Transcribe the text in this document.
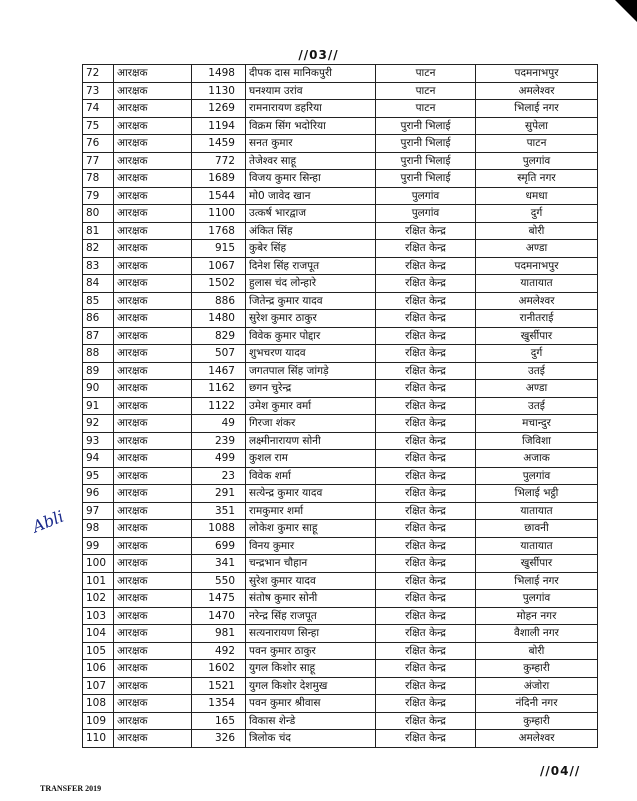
//03//
72	आरक्षक	1498	दीपक दास मानिकपुरी	पाटन	पदमनाभपुर
73	आरक्षक	1130	घनश्याम उरांव	पाटन	अमलेश्वर
74	आरक्षक	1269	रामनारायण डहरिया	पाटन	भिलाई नगर
75	आरक्षक	1194	विक्रम सिंग भदोरिया	पुरानी भिलाई	सुपेला
76	आरक्षक	1459	सनत कुमार	पुरानी भिलाई	पाटन
77	आरक्षक	772	तेजेश्वर साहू	पुरानी भिलाई	पुलगांव
78	आरक्षक	1689	विजय कुमार सिन्हा	पुरानी भिलाई	स्मृति नगर
79	आरक्षक	1544	मो0 जावेद खान	पुलगांव	धमधा
80	आरक्षक	1100	उत्कर्ष भारद्वाज	पुलगांव	दुर्ग
81	आरक्षक	1768	अंकित सिंह	रक्षित केन्द्र	बोरी
82	आरक्षक	915	कुबेर सिंह	रक्षित केन्द्र	अण्डा
83	आरक्षक	1067	दिनेश सिंह राजपूत	रक्षित केन्द्र	पदमनाभपुर
84	आरक्षक	1502	हुलास चंद लोन्हारे	रक्षित केन्द्र	यातायात
85	आरक्षक	886	जितेन्द्र कुमार यादव	रक्षित केन्द्र	अमलेश्वर
86	आरक्षक	1480	सुरेश कुमार ठाकुर	रक्षित केन्द्र	रानीतराई
87	आरक्षक	829	विवेक कुमार पोद्दार	रक्षित केन्द्र	खुर्सीपार
88	आरक्षक	507	शुभचरण यादव	रक्षित केन्द्र	दुर्ग
89	आरक्षक	1467	जगतपाल सिंह जांगड़े	रक्षित केन्द्र	उतई
90	आरक्षक	1162	छगन चुरेन्द्र	रक्षित केन्द्र	अण्डा
91	आरक्षक	1122	उमेश कुमार वर्मा	रक्षित केन्द्र	उतई
92	आरक्षक	49	गिरजा शंकर	रक्षित केन्द्र	मचान्दुर
93	आरक्षक	239	लक्ष्मीनारायण सोनी	रक्षित केन्द्र	जिविशा
94	आरक्षक	499	कुशल राम	रक्षित केन्द्र	अजाक
95	आरक्षक	23	विवेक शर्मा	रक्षित केन्द्र	पुलगांव
96	आरक्षक	291	सत्येन्द्र कुमार यादव	रक्षित केन्द्र	भिलाई भट्ठी
97	आरक्षक	351	रामकुमार शर्मा	रक्षित केन्द्र	यातायात
98	आरक्षक	1088	लोकेश कुमार साहू	रक्षित केन्द्र	छावनी
99	आरक्षक	699	विनय कुमार	रक्षित केन्द्र	यातायात
100	आरक्षक	341	चन्द्रभान चौहान	रक्षित केन्द्र	खुर्सीपार
101	आरक्षक	550	सुरेश कुमार यादव	रक्षित केन्द्र	भिलाई नगर
102	आरक्षक	1475	संतोष कुमार सोनी	रक्षित केन्द्र	पुलगांव
103	आरक्षक	1470	नरेन्द्र सिंह राजपूत	रक्षित केन्द्र	मोहन नगर
104	आरक्षक	981	सत्यनारायण सिन्हा	रक्षित केन्द्र	वैशाली नगर
105	आरक्षक	492	पवन कुमार ठाकुर	रक्षित केन्द्र	बोरी
106	आरक्षक	1602	युगल किशोर साहू	रक्षित केन्द्र	कुम्हारी
107	आरक्षक	1521	युगल किशोर देशमुख	रक्षित केन्द्र	अंजोरा
108	आरक्षक	1354	पवन कुमार श्रीवास	रक्षित केन्द्र	नंदिनी नगर
109	आरक्षक	165	विकास शेन्डे	रक्षित केन्द्र	कुम्हारी
110	आरक्षक	326	त्रिलोक चंद	रक्षित केन्द्र	अमलेश्वर
Abli
//04//
TRANSFER 2019
